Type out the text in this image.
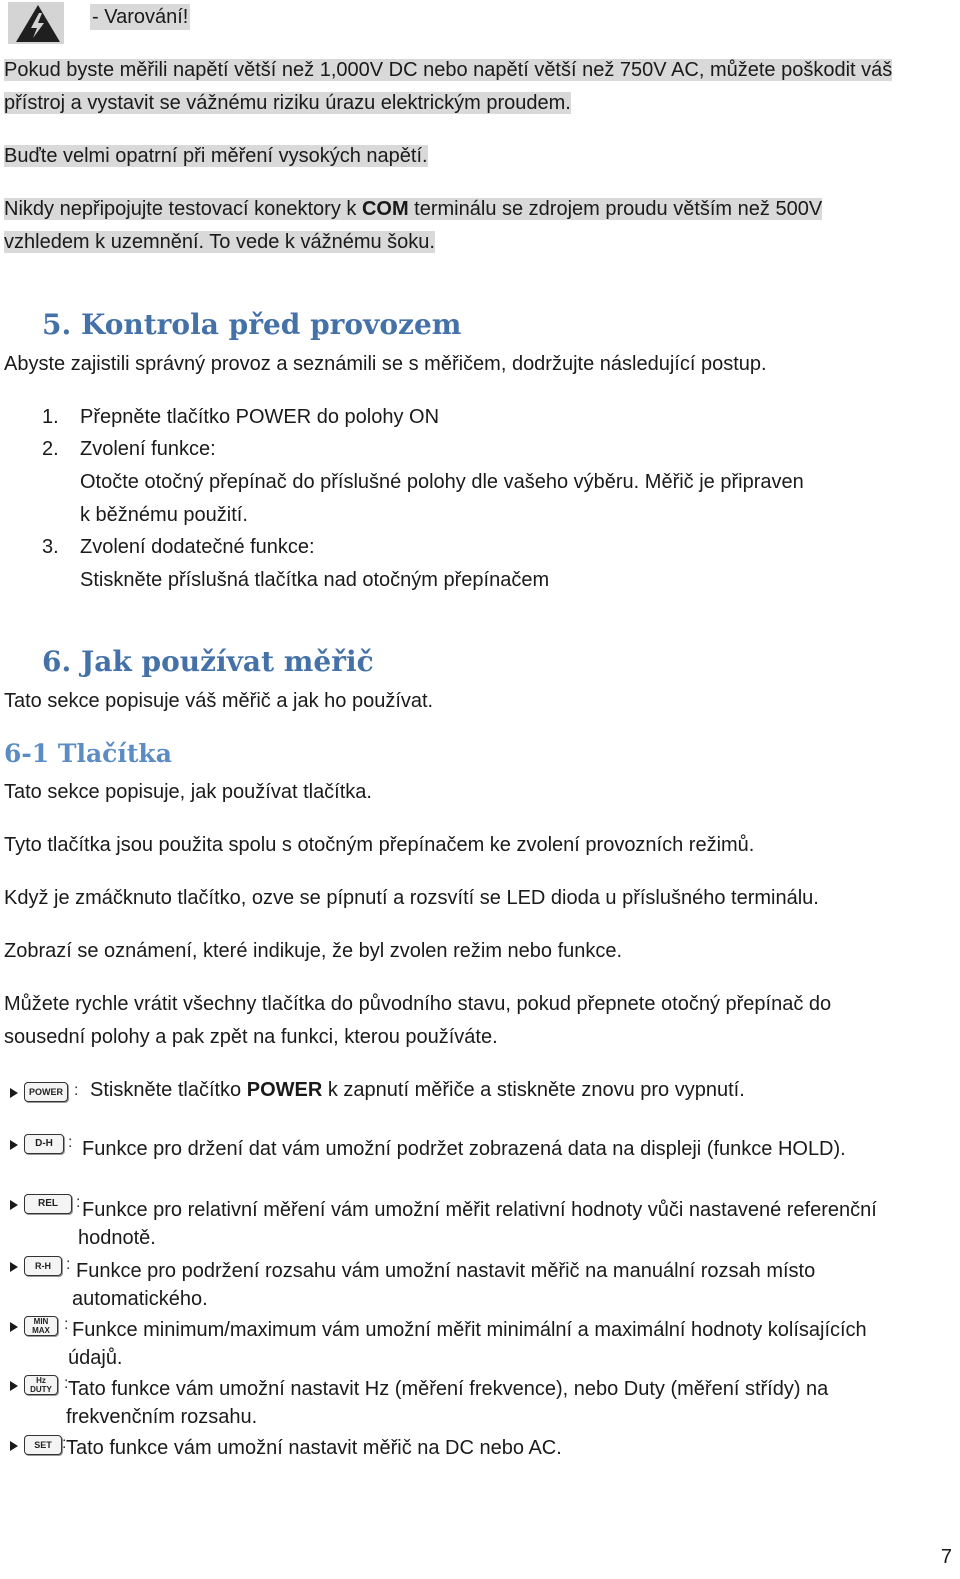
- Varování!
Pokud byste měřili napětí větší než 1,000V DC nebo napětí větší než 750V AC, můžete poškodit váš
přístroj a vystavit se vážnému riziku úrazu elektrickým proudem.
Buďte velmi opatrní při měření vysokých napětí.
Nikdy nepřipojujte testovací konektory k COM terminálu se zdrojem proudu větším než 500V
vzhledem k uzemnění. To vede k vážnému šoku.
5. Kontrola před provozem
Abyste zajistili správný provoz a seznámili se s měřičem, dodržujte následující postup.
1. Přepněte tlačítko POWER do polohy ON
2. Zvolení funkce:
Otočte otočný přepínač do příslušné polohy dle vašeho výběru. Měřič je připraven
k běžnému použití.
3. Zvolení dodatečné funkce:
Stiskněte příslušná tlačítka nad otočným přepínačem
6. Jak používat měřič
Tato sekce popisuje váš měřič a jak ho používat.
6-1 Tlačítka
Tato sekce popisuje, jak používat tlačítka.
Tyto tlačítka jsou použita spolu s otočným přepínačem ke zvolení provozních režimů.
Když je zmáčknuto tlačítko, ozve se pípnutí a rozsvítí se LED dioda u příslušného terminálu.
Zobrazí se oznámení, které indikuje, že byl zvolen režim nebo funkce.
Můžete rychle vrátit všechny tlačítka do původního stavu, pokud přepnete otočný přepínač do
sousední polohy a pak zpět na funkci, kterou používáte.
POWER : Stiskněte tlačítko POWER k zapnutí měřiče a stiskněte znovu pro vypnutí.
D-H : Funkce pro držení dat vám umožní podržet zobrazená data na displeji (funkce HOLD).
REL	: Funkce pro relativní měření vám umožní měřit relativní hodnoty vůči nastavené referenční
hodnotě.
R-H : Funkce pro podržení rozsahu vám umožní nastavit měřič na manuální rozsah místo
automatického.
MIN MAX : Funkce minimum/maximum vám umožní měřit minimální a maximální hodnoty kolísajících
údajů.
Hz DUTY : Tato funkce vám umožní nastavit Hz (měření frekvence), nebo Duty (měření střídy) na
frekvenčním rozsahu.
SET : Tato funkce vám umožní nastavit měřič na DC nebo AC.
7
